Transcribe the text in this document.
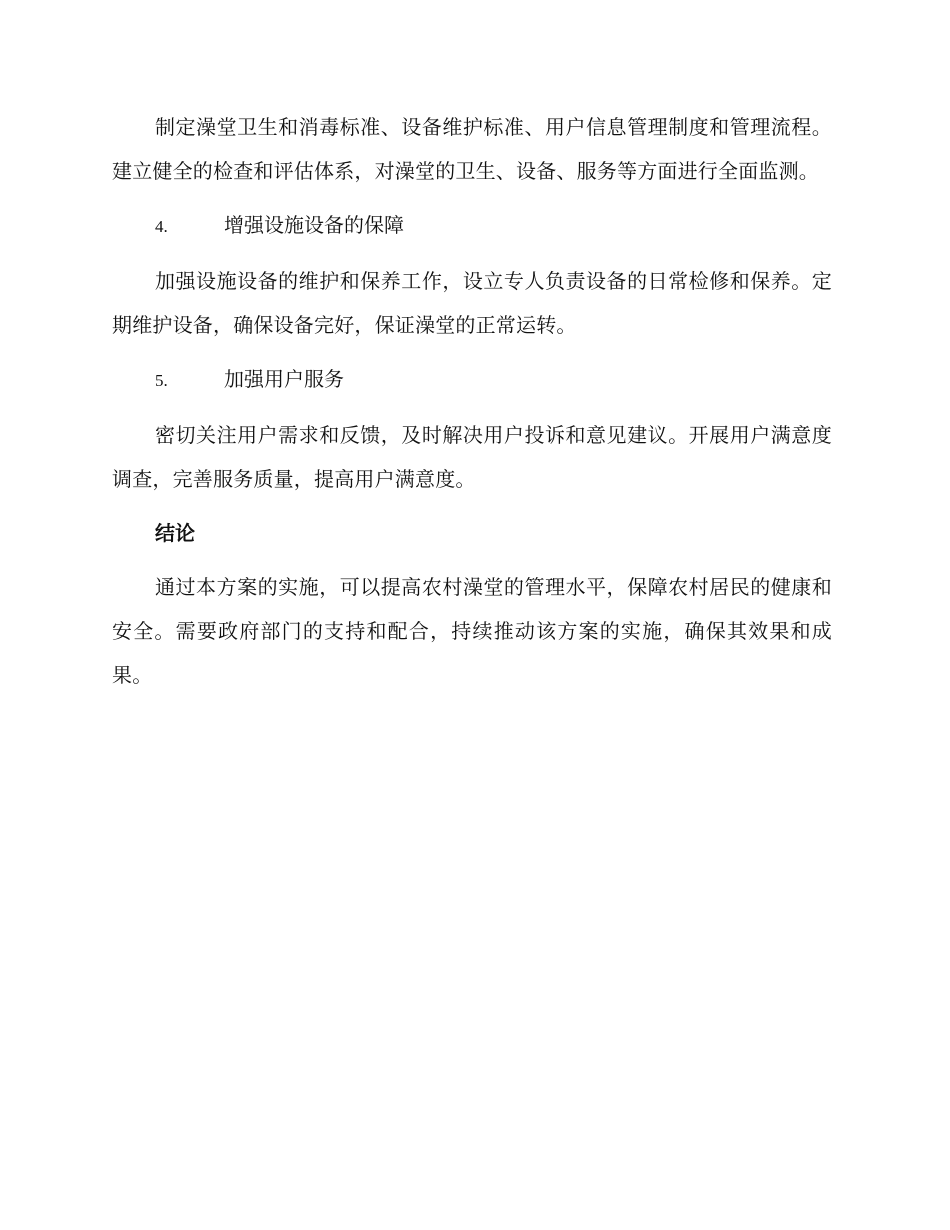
制定澡堂卫生和消毒标准、设备维护标准、用户信息管理制度和管理流程。建立健全的检查和评估体系，对澡堂的卫生、设备、服务等方面进行全面监测。

4.	增强设施设备的保障

加强设施设备的维护和保养工作，设立专人负责设备的日常检修和保养。定期维护设备，确保设备完好，保证澡堂的正常运转。

5.	加强用户服务

密切关注用户需求和反馈，及时解决用户投诉和意见建议。开展用户满意度调查，完善服务质量，提高用户满意度。

结论

通过本方案的实施，可以提高农村澡堂的管理水平，保障农村居民的健康和安全。需要政府部门的支持和配合，持续推动该方案的实施，确保其效果和成果。
